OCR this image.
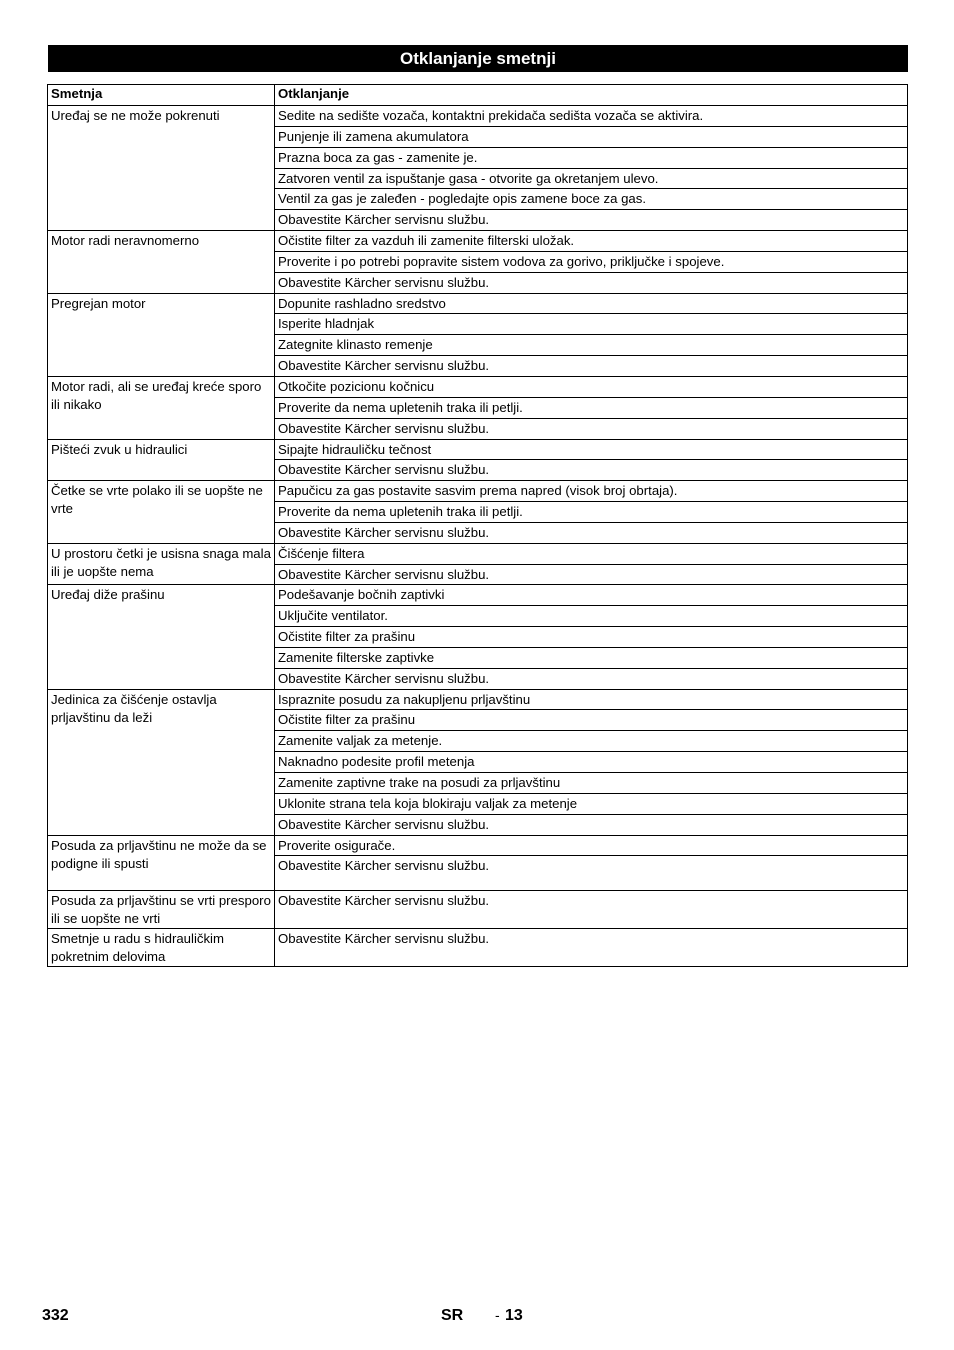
Otklanjanje smetnji
Smetnja	Otklanjanje
Uređaj se ne može pokrenuti	Sedite na sedište vozača, kontaktni prekidača sedišta vozača se aktivira.
	Punjenje ili zamena akumulatora
	Prazna boca za gas - zamenite je.
	Zatvoren ventil za ispuštanje gasa - otvorite ga okretanjem ulevo.
	Ventil za gas je zaleđen - pogledajte opis zamene boce za gas.
	Obavestite Kärcher servisnu službu.
Motor radi neravnomerno	Očistite filter za vazduh ili zamenite filterski uložak.
	Proverite i po potrebi popravite sistem vodova za gorivo, priključke i spojeve.
	Obavestite Kärcher servisnu službu.
Pregrejan motor	Dopunite rashladno sredstvo
	Isperite hladnjak
	Zategnite klinasto remenje
	Obavestite Kärcher servisnu službu.
Motor radi, ali se uređaj kreće sporo ili nikako	Otkočite pozicionu kočnicu
	Proverite da nema upletenih traka ili petlji.
	Obavestite Kärcher servisnu službu.
Pišteći zvuk u hidraulici	Sipajte hidrauličku tečnost
	Obavestite Kärcher servisnu službu.
Četke se vrte polako ili se uopšte ne vrte	Papučicu za gas postavite sasvim prema napred (visok broj obrtaja).
	Proverite da nema upletenih traka ili petlji.
	Obavestite Kärcher servisnu službu.
U prostoru četki je usisna snaga mala ili je uopšte nema	Čišćenje filtera
	Obavestite Kärcher servisnu službu.
Uređaj diže prašinu	Podešavanje bočnih zaptivki
	Uključite ventilator.
	Očistite filter za prašinu
	Zamenite filterske zaptivke
	Obavestite Kärcher servisnu službu.
Jedinica za čišćenje ostavlja prljavštinu da leži	Ispraznite posudu za nakupljenu prljavštinu
	Očistite filter za prašinu
	Zamenite valjak za metenje.
	Naknadno podesite profil metenja
	Zamenite zaptivne trake na posudi za prljavštinu
	Uklonite strana tela koja blokiraju valjak za metenje
	Obavestite Kärcher servisnu službu.
Posuda za prljavštinu ne može da se podigne ili spusti	Proverite osigurače.
	Obavestite Kärcher servisnu službu.
Posuda za prljavštinu se vrti presporo ili se uopšte ne vrti	Obavestite Kärcher servisnu službu.
Smetnje u radu s hidrauličkim pokretnim delovima	Obavestite Kärcher servisnu službu.
332	SR - 13
